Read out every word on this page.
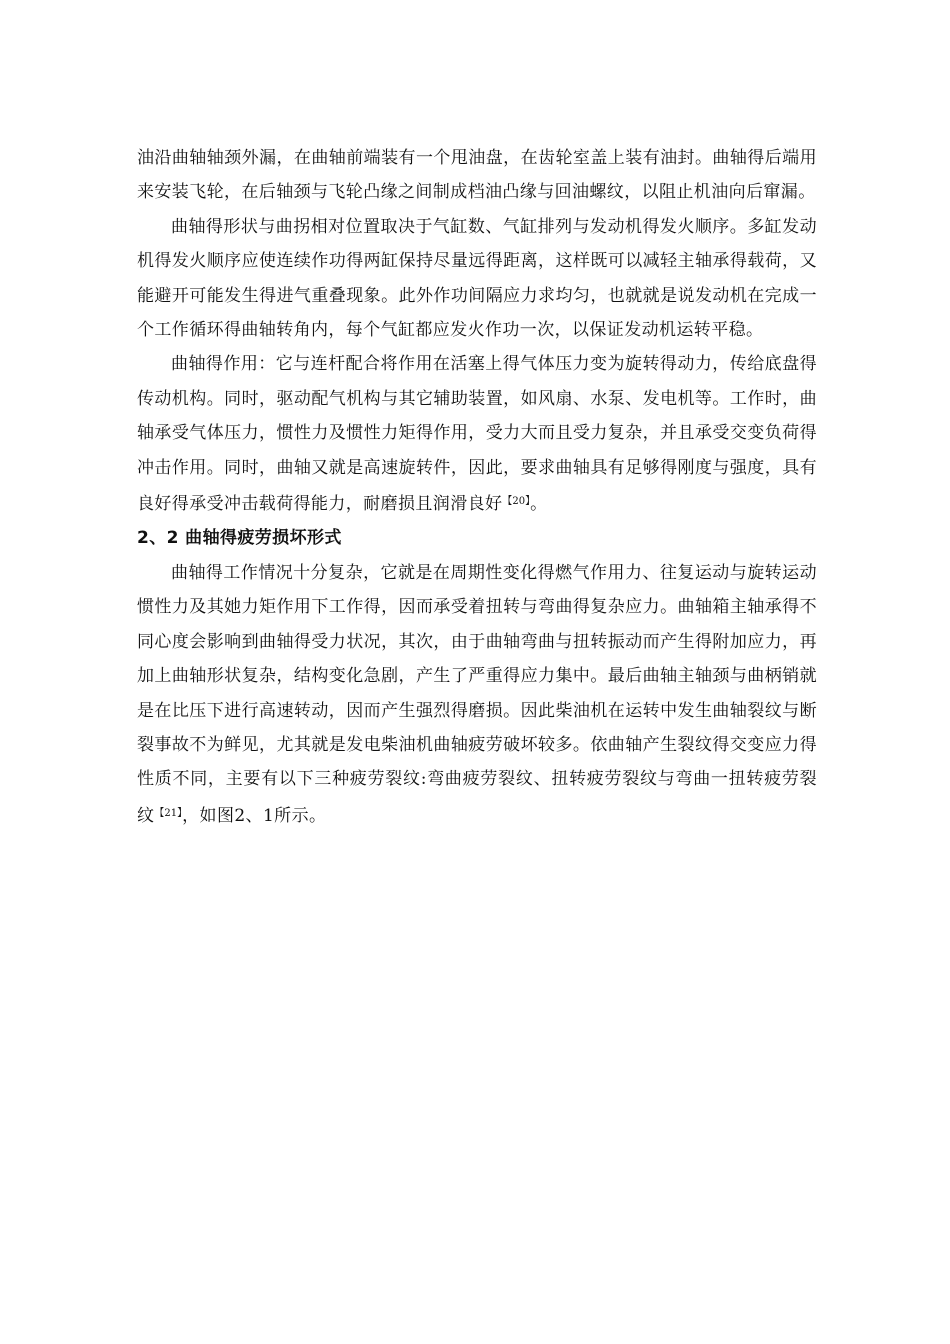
油沿曲轴轴颈外漏，在曲轴前端装有一个甩油盘，在齿轮室盖上装有油封。曲轴得后端用来安装飞轮，在后轴颈与飞轮凸缘之间制成档油凸缘与回油螺纹，以阻止机油向后窜漏。

曲轴得形状与曲拐相对位置取决于气缸数、气缸排列与发动机得发火顺序。多缸发动机得发火顺序应使连续作功得两缸保持尽量远得距离，这样既可以减轻主轴承得载荷，又能避开可能发生得进气重叠现象。此外作功间隔应力求均匀，也就就是说发动机在完成一个工作循环得曲轴转角内，每个气缸都应发火作功一次，以保证发动机运转平稳。

曲轴得作用：它与连杆配合将作用在活塞上得气体压力变为旋转得动力，传给底盘得传动机构。同时，驱动配气机构与其它辅助装置，如风扇、水泵、发电机等。工作时，曲轴承受气体压力，惯性力及惯性力矩得作用，受力大而且受力复杂，并且承受交变负荷得冲击作用。同时，曲轴又就是高速旋转件，因此，要求曲轴具有足够得刚度与强度，具有良好得承受冲击载荷得能力，耐磨损且润滑良好$^{【20】}$。

2、2 曲轴得疲劳损坏形式

曲轴得工作情况十分复杂，它就是在周期性变化得燃气作用力、往复运动与旋转运动惯性力及其她力矩作用下工作得，因而承受着扭转与弯曲得复杂应力。曲轴箱主轴承得不同心度会影响到曲轴得受力状况，其次，由于曲轴弯曲与扭转振动而产生得附加应力，再加上曲轴形状复杂，结构变化急剧，产生了严重得应力集中。最后曲轴主轴颈与曲柄销就是在比压下进行高速转动，因而产生强烈得磨损。因此柴油机在运转中发生曲轴裂纹与断裂事故不为鲜见，尤其就是发电柴油机曲轴疲劳破坏较多。依曲轴产生裂纹得交变应力得性质不同，主要有以下三种疲劳裂纹:弯曲疲劳裂纹、扭转疲劳裂纹与弯曲一扭转疲劳裂纹$^{【21】}$，如图2、1所示。
